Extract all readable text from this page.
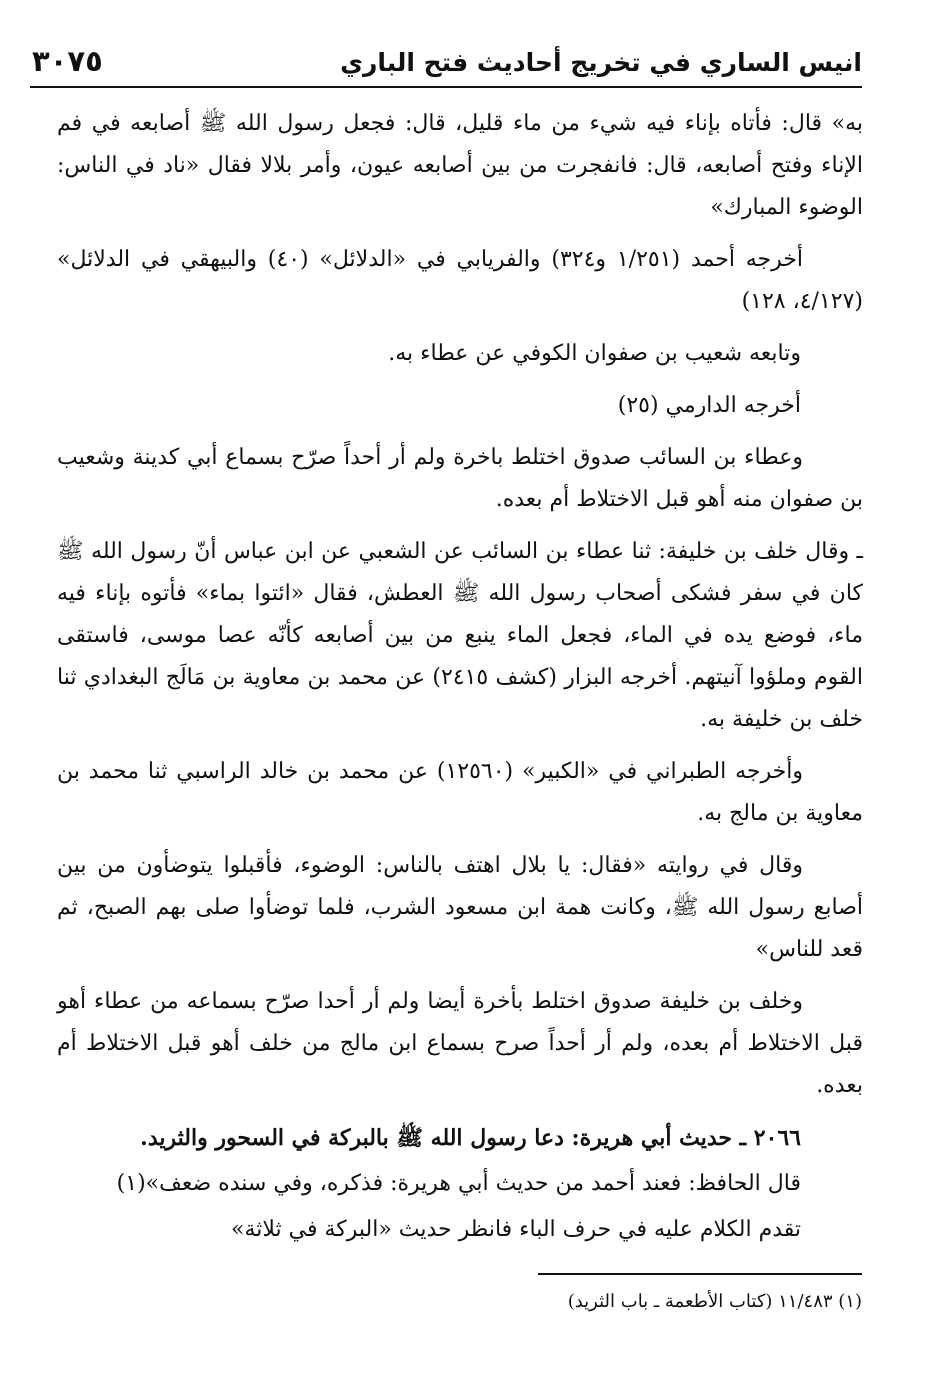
انيس الساري في تخريج أحاديث فتح الباري
٣٠٧٥

به» قال: فأتاه بإناء فيه شيء من ماء قليل، قال: فجعل رسول الله ﷺ أصابعه في فم الإناء وفتح أصابعه، قال: فانفجرت من بين أصابعه عيون، وأمر بلالا فقال «ناد في الناس: الوضوء المبارك»

أخرجه أحمد (١/٢٥١ و٣٢٤) والفريابي في «الدلائل» (٤٠) والبيهقي في الدلائل» (٤/١٢٧، ١٢٨)

وتابعه شعيب بن صفوان الكوفي عن عطاء به.

أخرجه الدارمي (٢٥)

وعطاء بن السائب صدوق اختلط باخرة ولم أر أحداً صرّح بسماع أبي كدينة وشعيب بن صفوان منه أهو قبل الاختلاط أم بعده.

ـ وقال خلف بن خليفة: ثنا عطاء بن السائب عن الشعبي عن ابن عباس أنّ رسول الله ﷺ كان في سفر فشكى أصحاب رسول الله ﷺ العطش، فقال «ائتوا بماء» فأتوه بإناء فيه ماء، فوضع يده في الماء، فجعل الماء ينبع من بين أصابعه كأنّه عصا موسى، فاستقى القوم وملؤوا آنيتهم. أخرجه البزار (كشف ٢٤١٥) عن محمد بن معاوية بن مَالَج البغدادي ثنا خلف بن خليفة به.

وأخرجه الطبراني في «الكبير» (١٢٥٦٠) عن محمد بن خالد الراسبي ثنا محمد بن معاوية بن مالج به.

وقال في روايته «فقال: يا بلال اهتف بالناس: الوضوء، فأقبلوا يتوضأون من بين أصابع رسول الله ﷺ، وكانت همة ابن مسعود الشرب، فلما توضأوا صلى بهم الصبح، ثم قعد للناس»

وخلف بن خليفة صدوق اختلط بأخرة أيضا ولم أر أحدا صرّح بسماعه من عطاء أهو قبل الاختلاط أم بعده، ولم أر أحداً صرح بسماع ابن مالج من خلف أهو قبل الاختلاط أم بعده.

٢٠٦٦ ـ حديث أبي هريرة: دعا رسول الله ﷺ بالبركة في السحور والثريد.

قال الحافظ: فعند أحمد من حديث أبي هريرة: فذكره، وفي سنده ضعف»(١)

تقدم الكلام عليه في حرف الباء فانظر حديث «البركة في ثلاثة»

(١) ١١/٤٨٣ (كتاب الأطعمة ـ باب الثريد)
